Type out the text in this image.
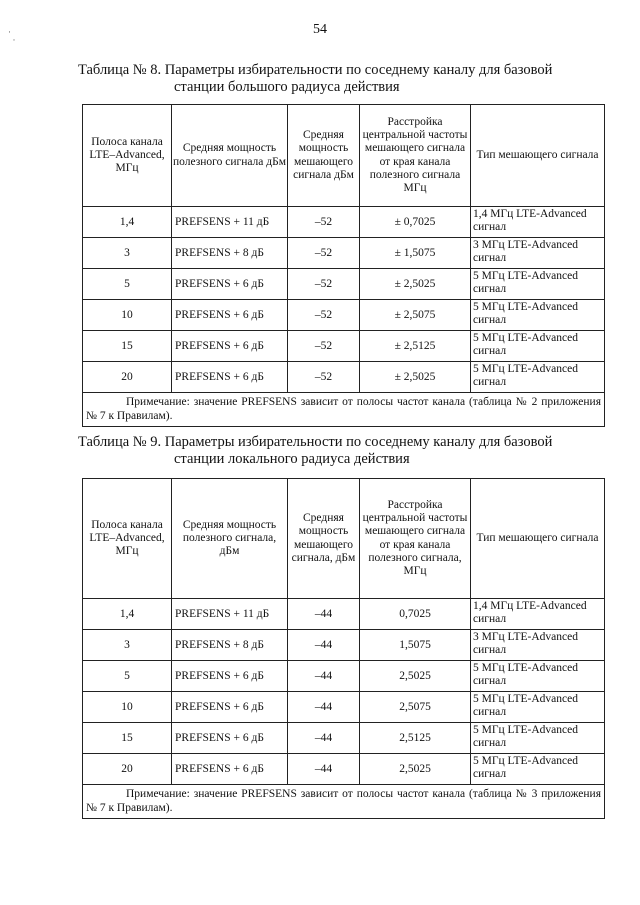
54
·
·
Таблица № 8. Параметры избирательности по соседнему каналу для базовой
станции большого радиуса действия
Полоса канала LTE–Advanced, МГц	Средняя мощность полезного сигнала дБм	Средняя мощность мешающего сигнала дБм	Расстройка центральной частоты мешающего сигнала от края канала полезного сигнала МГц	Тип мешающего сигнала
1,4	PREFSENS + 11 дБ	–52	± 0,7025	1,4 МГц LTE-Advanced сигнал
3	PREFSENS + 8 дБ	–52	± 1,5075	3 МГц LTE-Advanced сигнал
5	PREFSENS + 6 дБ	–52	± 2,5025	5 МГц LTE-Advanced сигнал
10	PREFSENS + 6 дБ	–52	± 2,5075	5 МГц LTE-Advanced сигнал
15	PREFSENS + 6 дБ	–52	± 2,5125	5 МГц LTE-Advanced сигнал
20	PREFSENS + 6 дБ	–52	± 2,5025	5 МГц LTE-Advanced сигнал
Примечание: значение PREFSENS зависит от полосы частот канала (таблица № 2 приложения № 7 к Правилам).				
Таблица № 9. Параметры избирательности по соседнему каналу для базовой
станции локального радиуса действия
Полоса канала LTE–Advanced, МГц	Средняя мощность полезного сигнала, дБм	Средняя мощность мешающего сигнала, дБм	Расстройка центральной частоты мешающего сигнала от края канала полезного сигнала, МГц	Тип мешающего сигнала
1,4	PREFSENS + 11 дБ	–44	0,7025	1,4 МГц LTE-Advanced сигнал
3	PREFSENS + 8 дБ	–44	1,5075	3 МГц LTE-Advanced сигнал
5	PREFSENS + 6 дБ	–44	2,5025	5 МГц LTE-Advanced сигнал
10	PREFSENS + 6 дБ	–44	2,5075	5 МГц LTE-Advanced сигнал
15	PREFSENS + 6 дБ	–44	2,5125	5 МГц LTE-Advanced сигнал
20	PREFSENS + 6 дБ	–44	2,5025	5 МГц LTE-Advanced сигнал
Примечание: значение PREFSENS зависит от полосы частот канала (таблица № 3 приложения № 7 к Правилам).				
